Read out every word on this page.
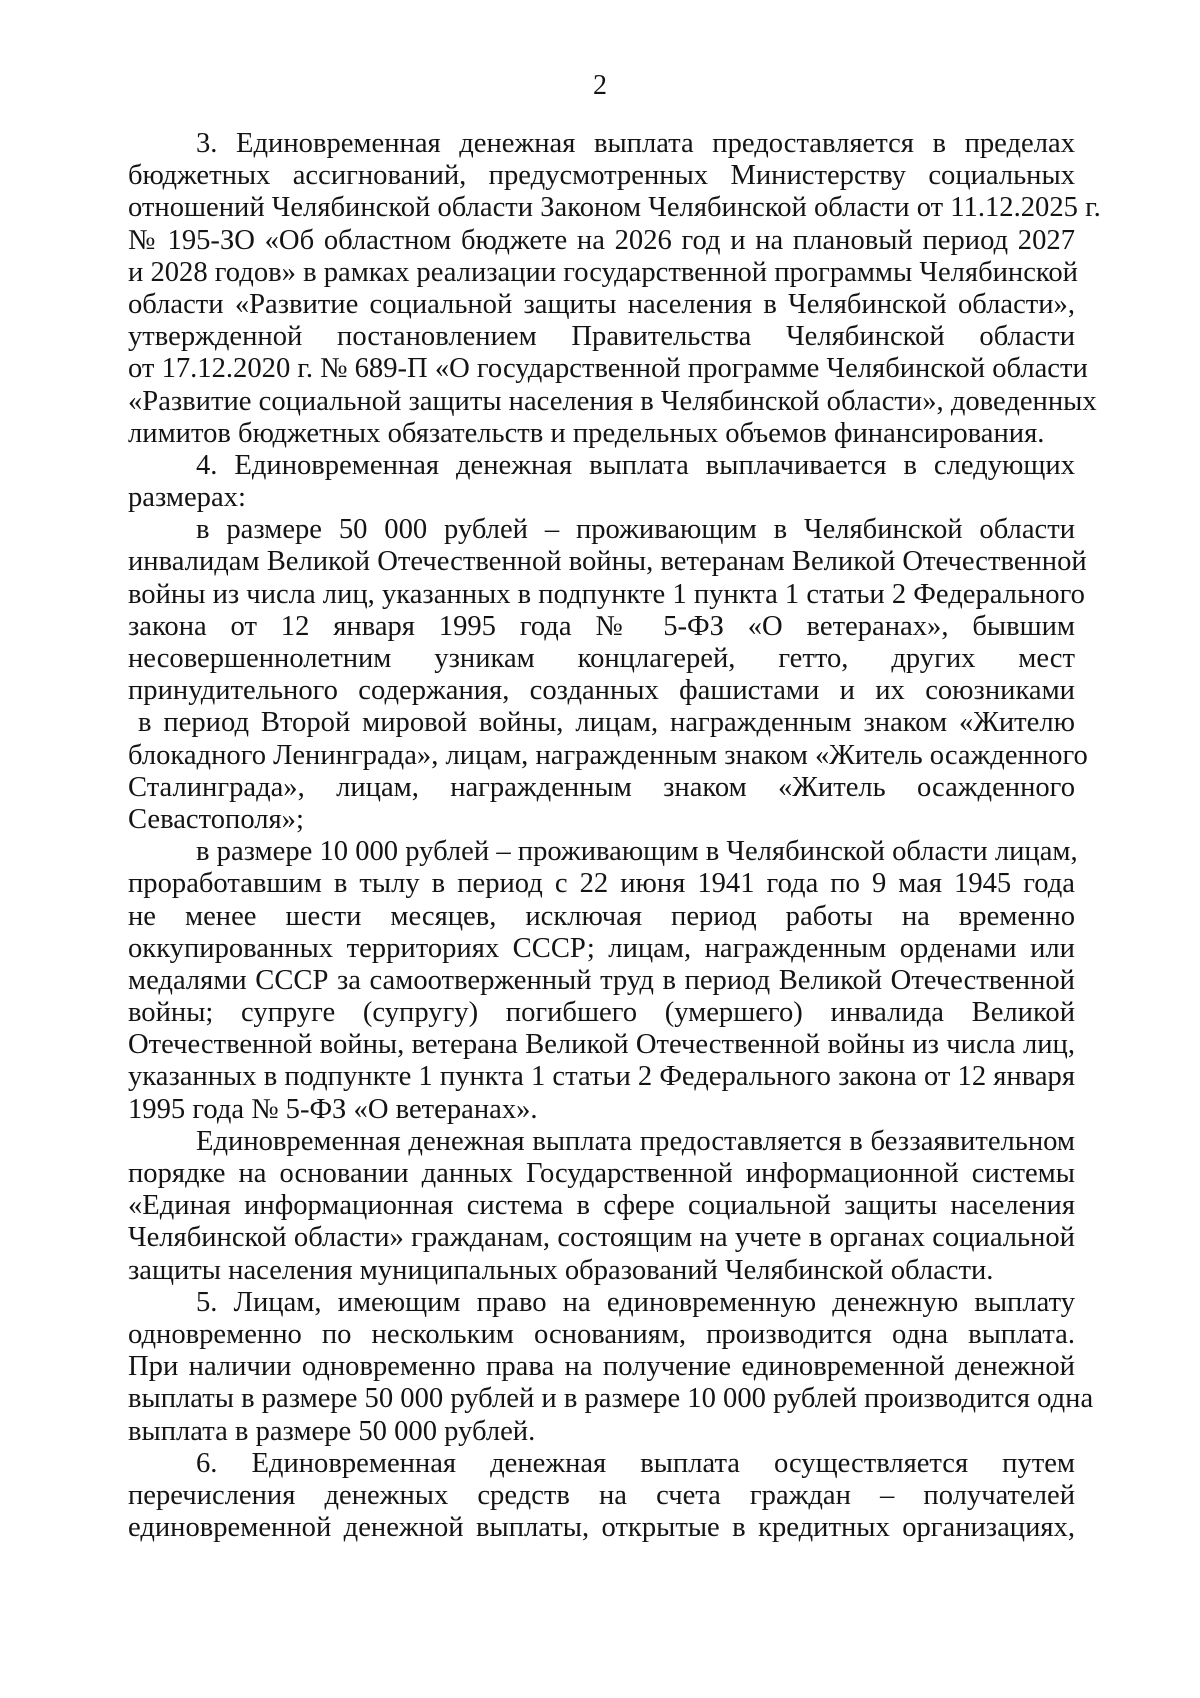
2
3. Единовременная денежная выплата предоставляется в пределах
бюджетных ассигнований, предусмотренных Министерству социальных
отношений Челябинской области Законом Челябинской области от 11.12.2025 г.
№ 195-ЗО «Об областном бюджете на 2026 год и на плановый период 2027
и 2028 годов» в рамках реализации государственной программы Челябинской
области «Развитие социальной защиты населения в Челябинской области»,
утвержденной постановлением Правительства Челябинской области
от 17.12.2020 г. № 689-П «О государственной программе Челябинской области
«Развитие социальной защиты населения в Челябинской области», доведенных
лимитов бюджетных обязательств и предельных объемов финансирования.
4. Единовременная денежная выплата выплачивается в следующих
размерах:
в размере 50 000 рублей – проживающим в Челябинской области
инвалидам Великой Отечественной войны, ветеранам Великой Отечественной
войны из числа лиц, указанных в подпункте 1 пункта 1 статьи 2 Федерального
закона от 12 января 1995 года № 5-ФЗ «О ветеранах», бывшим
несовершеннолетним узникам концлагерей, гетто, других мест
принудительного содержания, созданных фашистами и их союзниками
в период Второй мировой войны, лицам, награжденным знаком «Жителю
блокадного Ленинграда», лицам, награжденным знаком «Житель осажденного
Сталинграда», лицам, награжденным знаком «Житель осажденного
Севастополя»;
в размере 10 000 рублей – проживающим в Челябинской области лицам,
проработавшим в тылу в период с 22 июня 1941 года по 9 мая 1945 года
не менее шести месяцев, исключая период работы на временно
оккупированных территориях СССР; лицам, награжденным орденами или
медалями СССР за самоотверженный труд в период Великой Отечественной
войны; супруге (супругу) погибшего (умершего) инвалида Великой
Отечественной войны, ветерана Великой Отечественной войны из числа лиц,
указанных в подпункте 1 пункта 1 статьи 2 Федерального закона от 12 января
1995 года № 5-ФЗ «О ветеранах».
Единовременная денежная выплата предоставляется в беззаявительном
порядке на основании данных Государственной информационной системы
«Единая информационная система в сфере социальной защиты населения
Челябинской области» гражданам, состоящим на учете в органах социальной
защиты населения муниципальных образований Челябинской области.
5. Лицам, имеющим право на единовременную денежную выплату
одновременно по нескольким основаниям, производится одна выплата.
При наличии одновременно права на получение единовременной денежной
выплаты в размере 50 000 рублей и в размере 10 000 рублей производится одна
выплата в размере 50 000 рублей.
6. Единовременная денежная выплата осуществляется путем
перечисления денежных средств на счета граждан – получателей
единовременной денежной выплаты, открытые в кредитных организациях,
